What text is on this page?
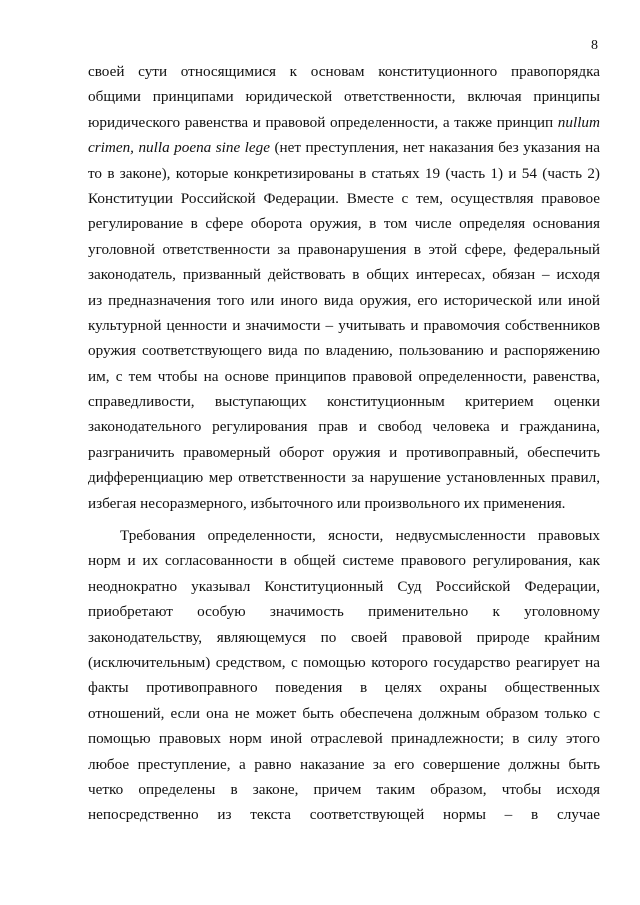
8
своей сути относящимися к основам конституционного правопорядка
общими принципами юридической ответственности, включая принципы
юридического равенства и правовой определенности, а также принцип nullum
crimen, nulla poena sine lege (нет преступления, нет наказания без указания на
то в законе), которые конкретизированы в статьях 19 (часть 1) и 54 (часть 2)
Конституции Российской Федерации. Вместе с тем, осуществляя правовое
регулирование в сфере оборота оружия, в том числе определяя основания
уголовной ответственности за правонарушения в этой сфере, федеральный
законодатель, призванный действовать в общих интересах, обязан – исходя
из предназначения того или иного вида оружия, его исторической или иной
культурной ценности и значимости – учитывать и правомочия собственников
оружия соответствующего вида по владению, пользованию и распоряжению
им, с тем чтобы на основе принципов правовой определенности, равенства,
справедливости, выступающих конституционным критерием оценки
законодательного регулирования прав и свобод человека и гражданина,
разграничить правомерный оборот оружия и противоправный, обеспечить
дифференциацию мер ответственности за нарушение установленных правил,
избегая несоразмерного, избыточного или произвольного их применения.
Требования определенности, ясности, недвусмысленности правовых
норм и их согласованности в общей системе правового регулирования, как
неоднократно указывал Конституционный Суд Российской Федерации,
приобретают особую значимость применительно к уголовному
законодательству, являющемуся по своей правовой природе крайним
(исключительным) средством, с помощью которого государство реагирует на
факты противоправного поведения в целях охраны общественных
отношений, если она не может быть обеспечена должным образом только с
помощью правовых норм иной отраслевой принадлежности; в силу этого
любое преступление, а равно наказание за его совершение должны быть
четко определены в законе, причем таким образом, чтобы исходя
непосредственно из текста соответствующей нормы – в случае
